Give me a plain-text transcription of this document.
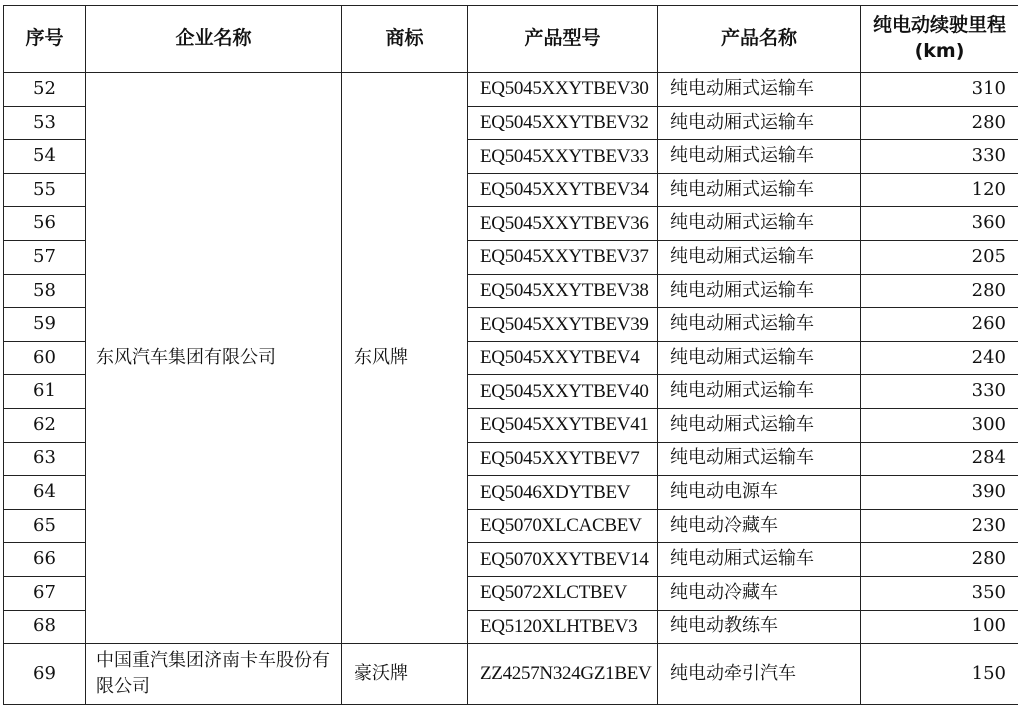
序号	企业名称	商标	产品型号	产品名称	纯电动续驶里程(km)
52	东风汽车集团有限公司	东风牌	EQ5045XXYTBEV30	纯电动厢式运输车	310
53			EQ5045XXYTBEV32	纯电动厢式运输车	280
54			EQ5045XXYTBEV33	纯电动厢式运输车	330
55			EQ5045XXYTBEV34	纯电动厢式运输车	120
56			EQ5045XXYTBEV36	纯电动厢式运输车	360
57			EQ5045XXYTBEV37	纯电动厢式运输车	205
58			EQ5045XXYTBEV38	纯电动厢式运输车	280
59			EQ5045XXYTBEV39	纯电动厢式运输车	260
60			EQ5045XXYTBEV4	纯电动厢式运输车	240
61			EQ5045XXYTBEV40	纯电动厢式运输车	330
62			EQ5045XXYTBEV41	纯电动厢式运输车	300
63			EQ5045XXYTBEV7	纯电动厢式运输车	284
64			EQ5046XDYTBEV	纯电动电源车	390
65			EQ5070XLCACBEV	纯电动冷藏车	230
66			EQ5070XXYTBEV14	纯电动厢式运输车	280
67			EQ5072XLCTBEV	纯电动冷藏车	350
68			EQ5120XLHTBEV3	纯电动教练车	100
69	中国重汽集团济南卡车股份有限公司	豪沃牌	ZZ4257N324GZ1BEV	纯电动牵引汽车	150
